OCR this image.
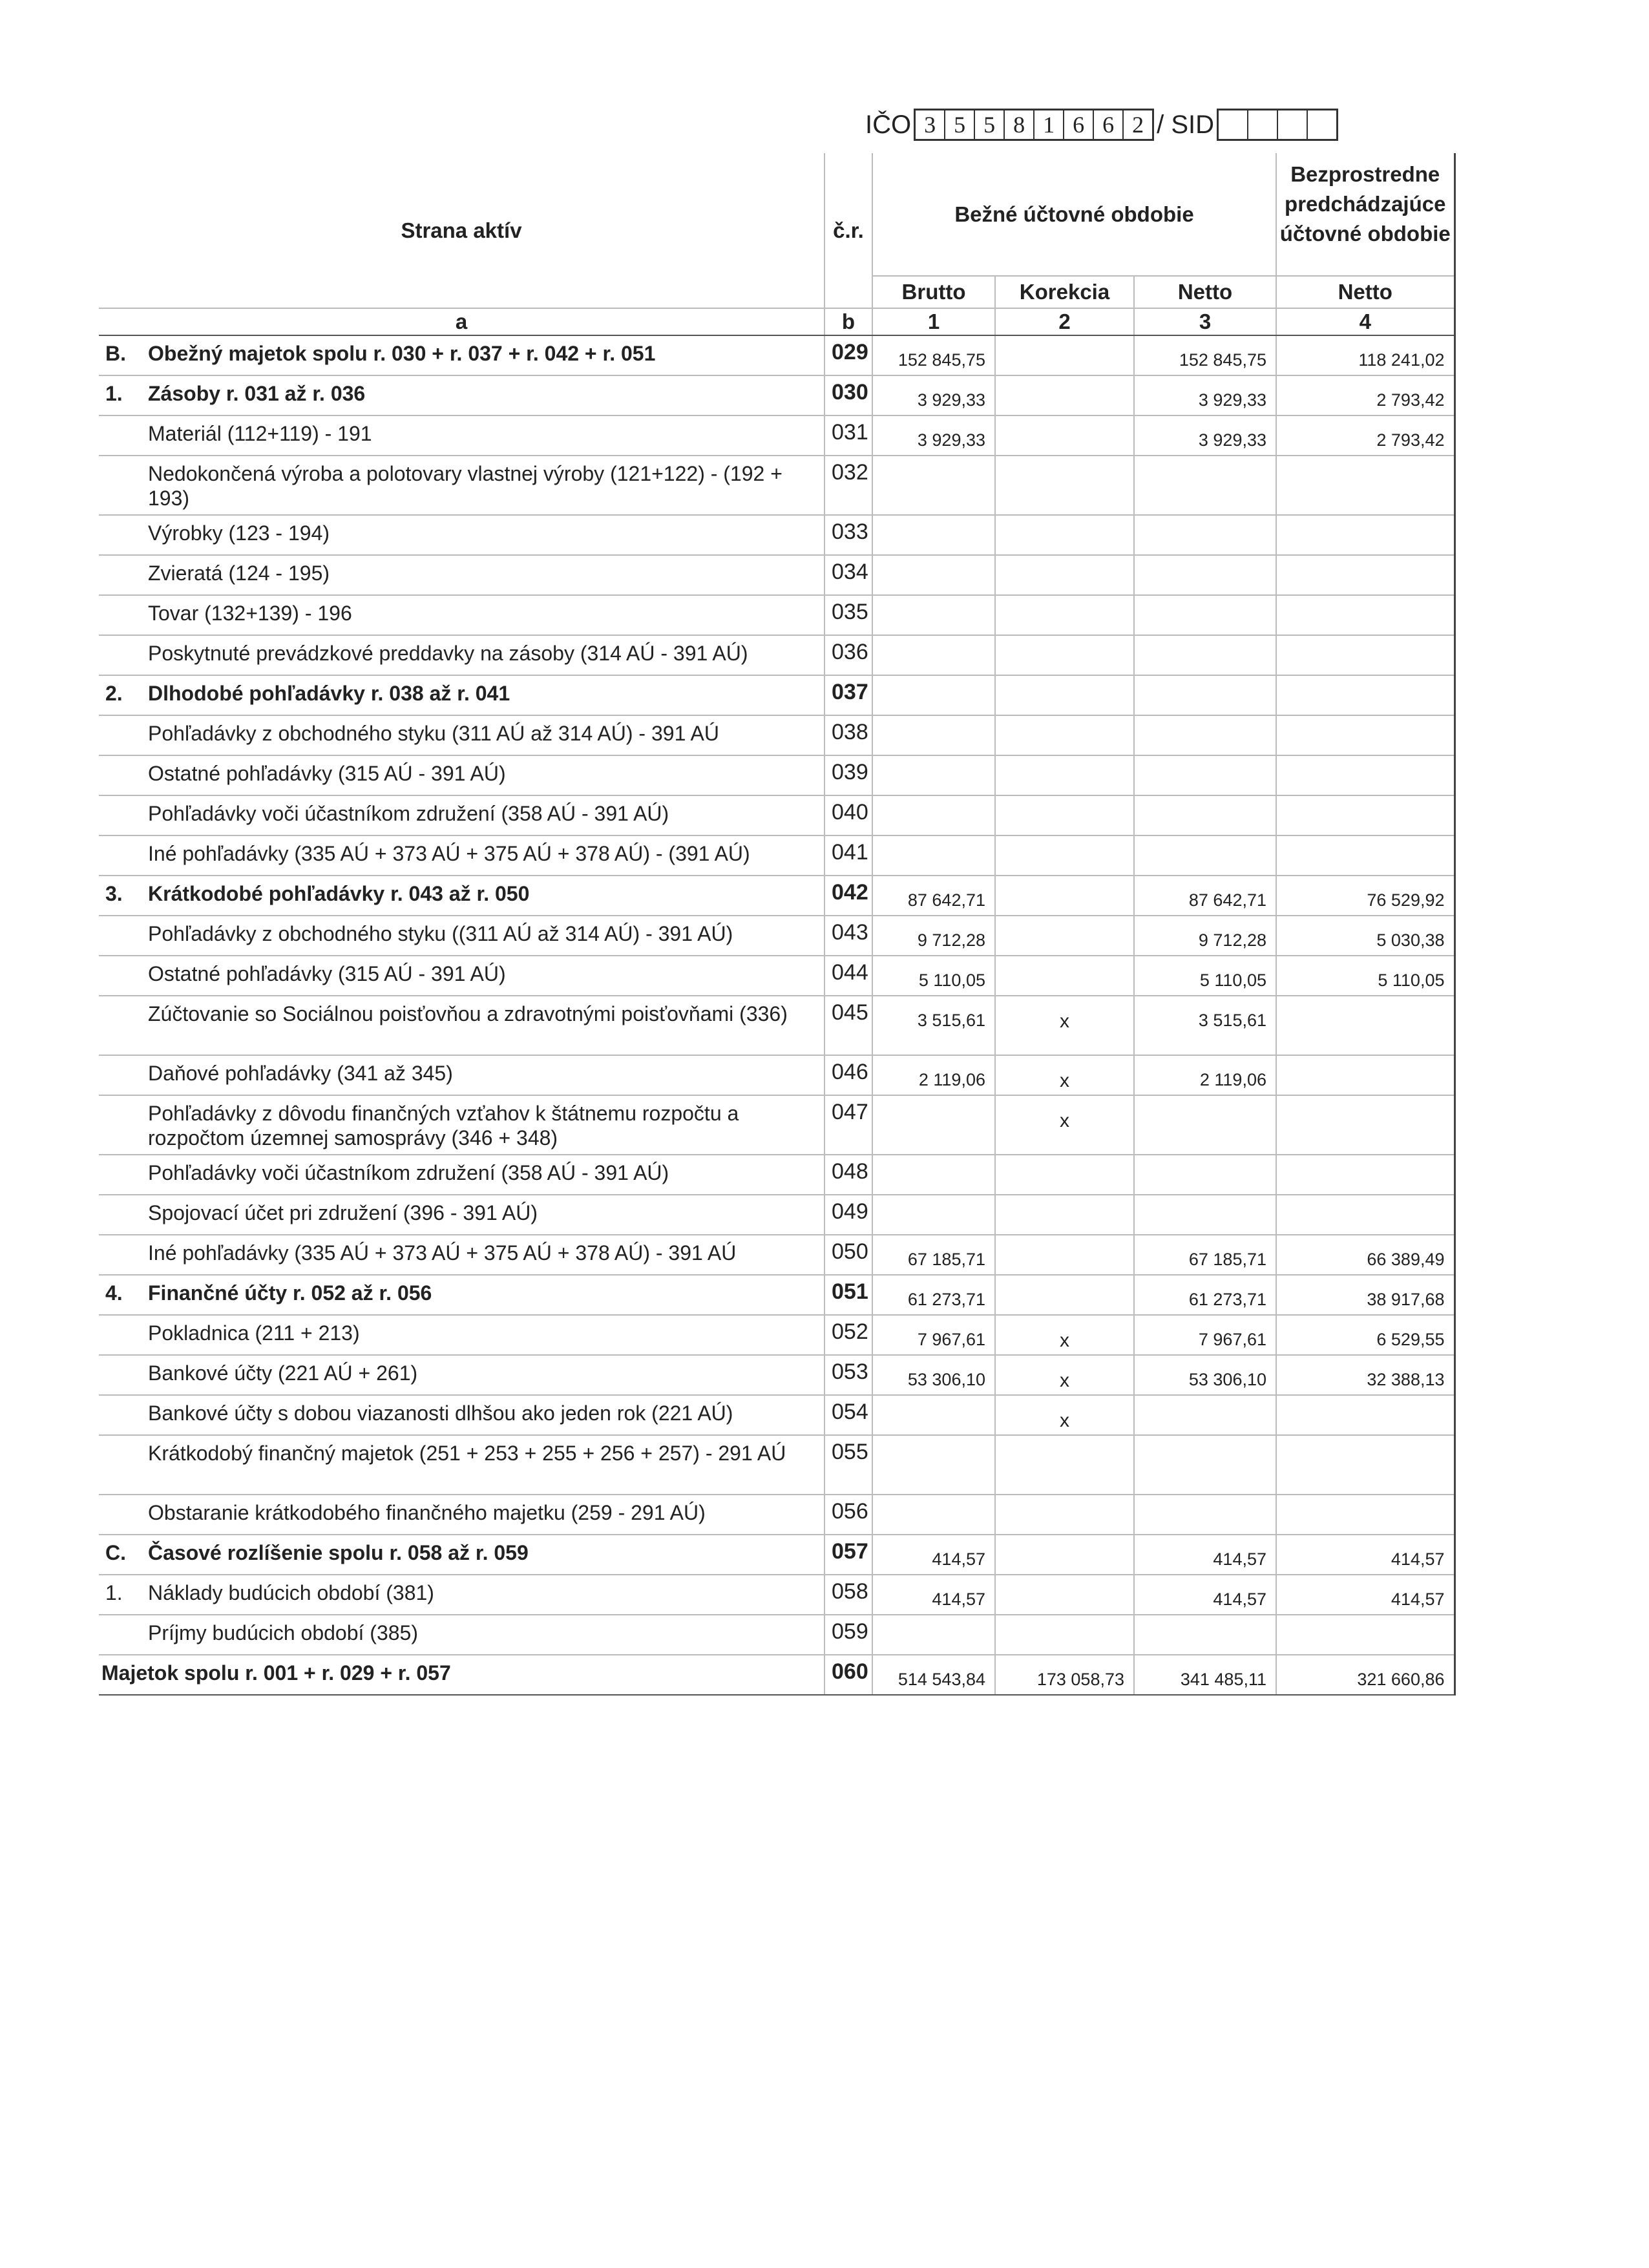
IČO 3 5 5 8 1 6 6 2 / SID
Strana aktív	č.r.	Bežné účtovné obdobie			Bezprostredne predchádzajúce účtovné obdobie
		Brutto	Korekcia	Netto	Netto
a	b	1	2	3	4
B. Obežný majetok spolu r. 030 + r. 037 + r. 042 + r. 051	029	152 845,75		152 845,75	118 241,02
1. Zásoby r. 031 až r. 036	030	3 929,33		3 929,33	2 793,42
Materiál (112+119) - 191	031	3 929,33		3 929,33	2 793,42
Nedokončená výroba a polotovary vlastnej výroby (121+122) - (192 + 193)	032				
Výrobky (123 - 194)	033				
Zvieratá (124 - 195)	034				
Tovar (132+139) - 196	035				
Poskytnuté prevádzkové preddavky na zásoby (314 AÚ - 391 AÚ)	036				
2. Dlhodobé pohľadávky r. 038 až r. 041	037				
Pohľadávky z obchodného styku (311 AÚ až 314 AÚ) - 391 AÚ	038				
Ostatné pohľadávky (315 AÚ - 391 AÚ)	039				
Pohľadávky voči účastníkom združení (358 AÚ - 391 AÚ)	040				
Iné pohľadávky (335 AÚ + 373 AÚ + 375 AÚ + 378 AÚ) - (391 AÚ)	041				
3. Krátkodobé pohľadávky r. 043 až r. 050	042	87 642,71		87 642,71	76 529,92
Pohľadávky z obchodného styku ((311 AÚ až 314 AÚ) - 391 AÚ)	043	9 712,28		9 712,28	5 030,38
Ostatné pohľadávky (315 AÚ - 391 AÚ)	044	5 110,05		5 110,05	5 110,05
Zúčtovanie so Sociálnou poisťovňou a zdravotnými poisťovňami (336)	045	3 515,61	x	3 515,61	
Daňové pohľadávky (341 až 345)	046	2 119,06	x	2 119,06	
Pohľadávky z dôvodu finančných vzťahov k štátnemu rozpočtu a rozpočtom územnej samosprávy (346 + 348)	047		x		
Pohľadávky voči účastníkom združení (358 AÚ - 391 AÚ)	048				
Spojovací účet pri združení (396 - 391 AÚ)	049				
Iné pohľadávky (335 AÚ + 373 AÚ + 375 AÚ + 378 AÚ) - 391 AÚ	050	67 185,71		67 185,71	66 389,49
4. Finančné účty r. 052 až r. 056	051	61 273,71		61 273,71	38 917,68
Pokladnica (211 + 213)	052	7 967,61	x	7 967,61	6 529,55
Bankové účty (221 AÚ + 261)	053	53 306,10	x	53 306,10	32 388,13
Bankové účty s dobou viazanosti dlhšou ako jeden rok (221 AÚ)	054		x		
Krátkodobý finančný majetok (251 + 253 + 255 + 256 + 257) - 291 AÚ	055				
Obstaranie krátkodobého finančného majetku (259 - 291 AÚ)	056				
C. Časové rozlíšenie spolu r. 058 až r. 059	057	414,57		414,57	414,57
1. Náklady budúcich období (381)	058	414,57		414,57	414,57
Príjmy budúcich období (385)	059				
Majetok spolu r. 001 + r. 029 + r. 057	060	514 543,84	173 058,73	341 485,11	321 660,86
